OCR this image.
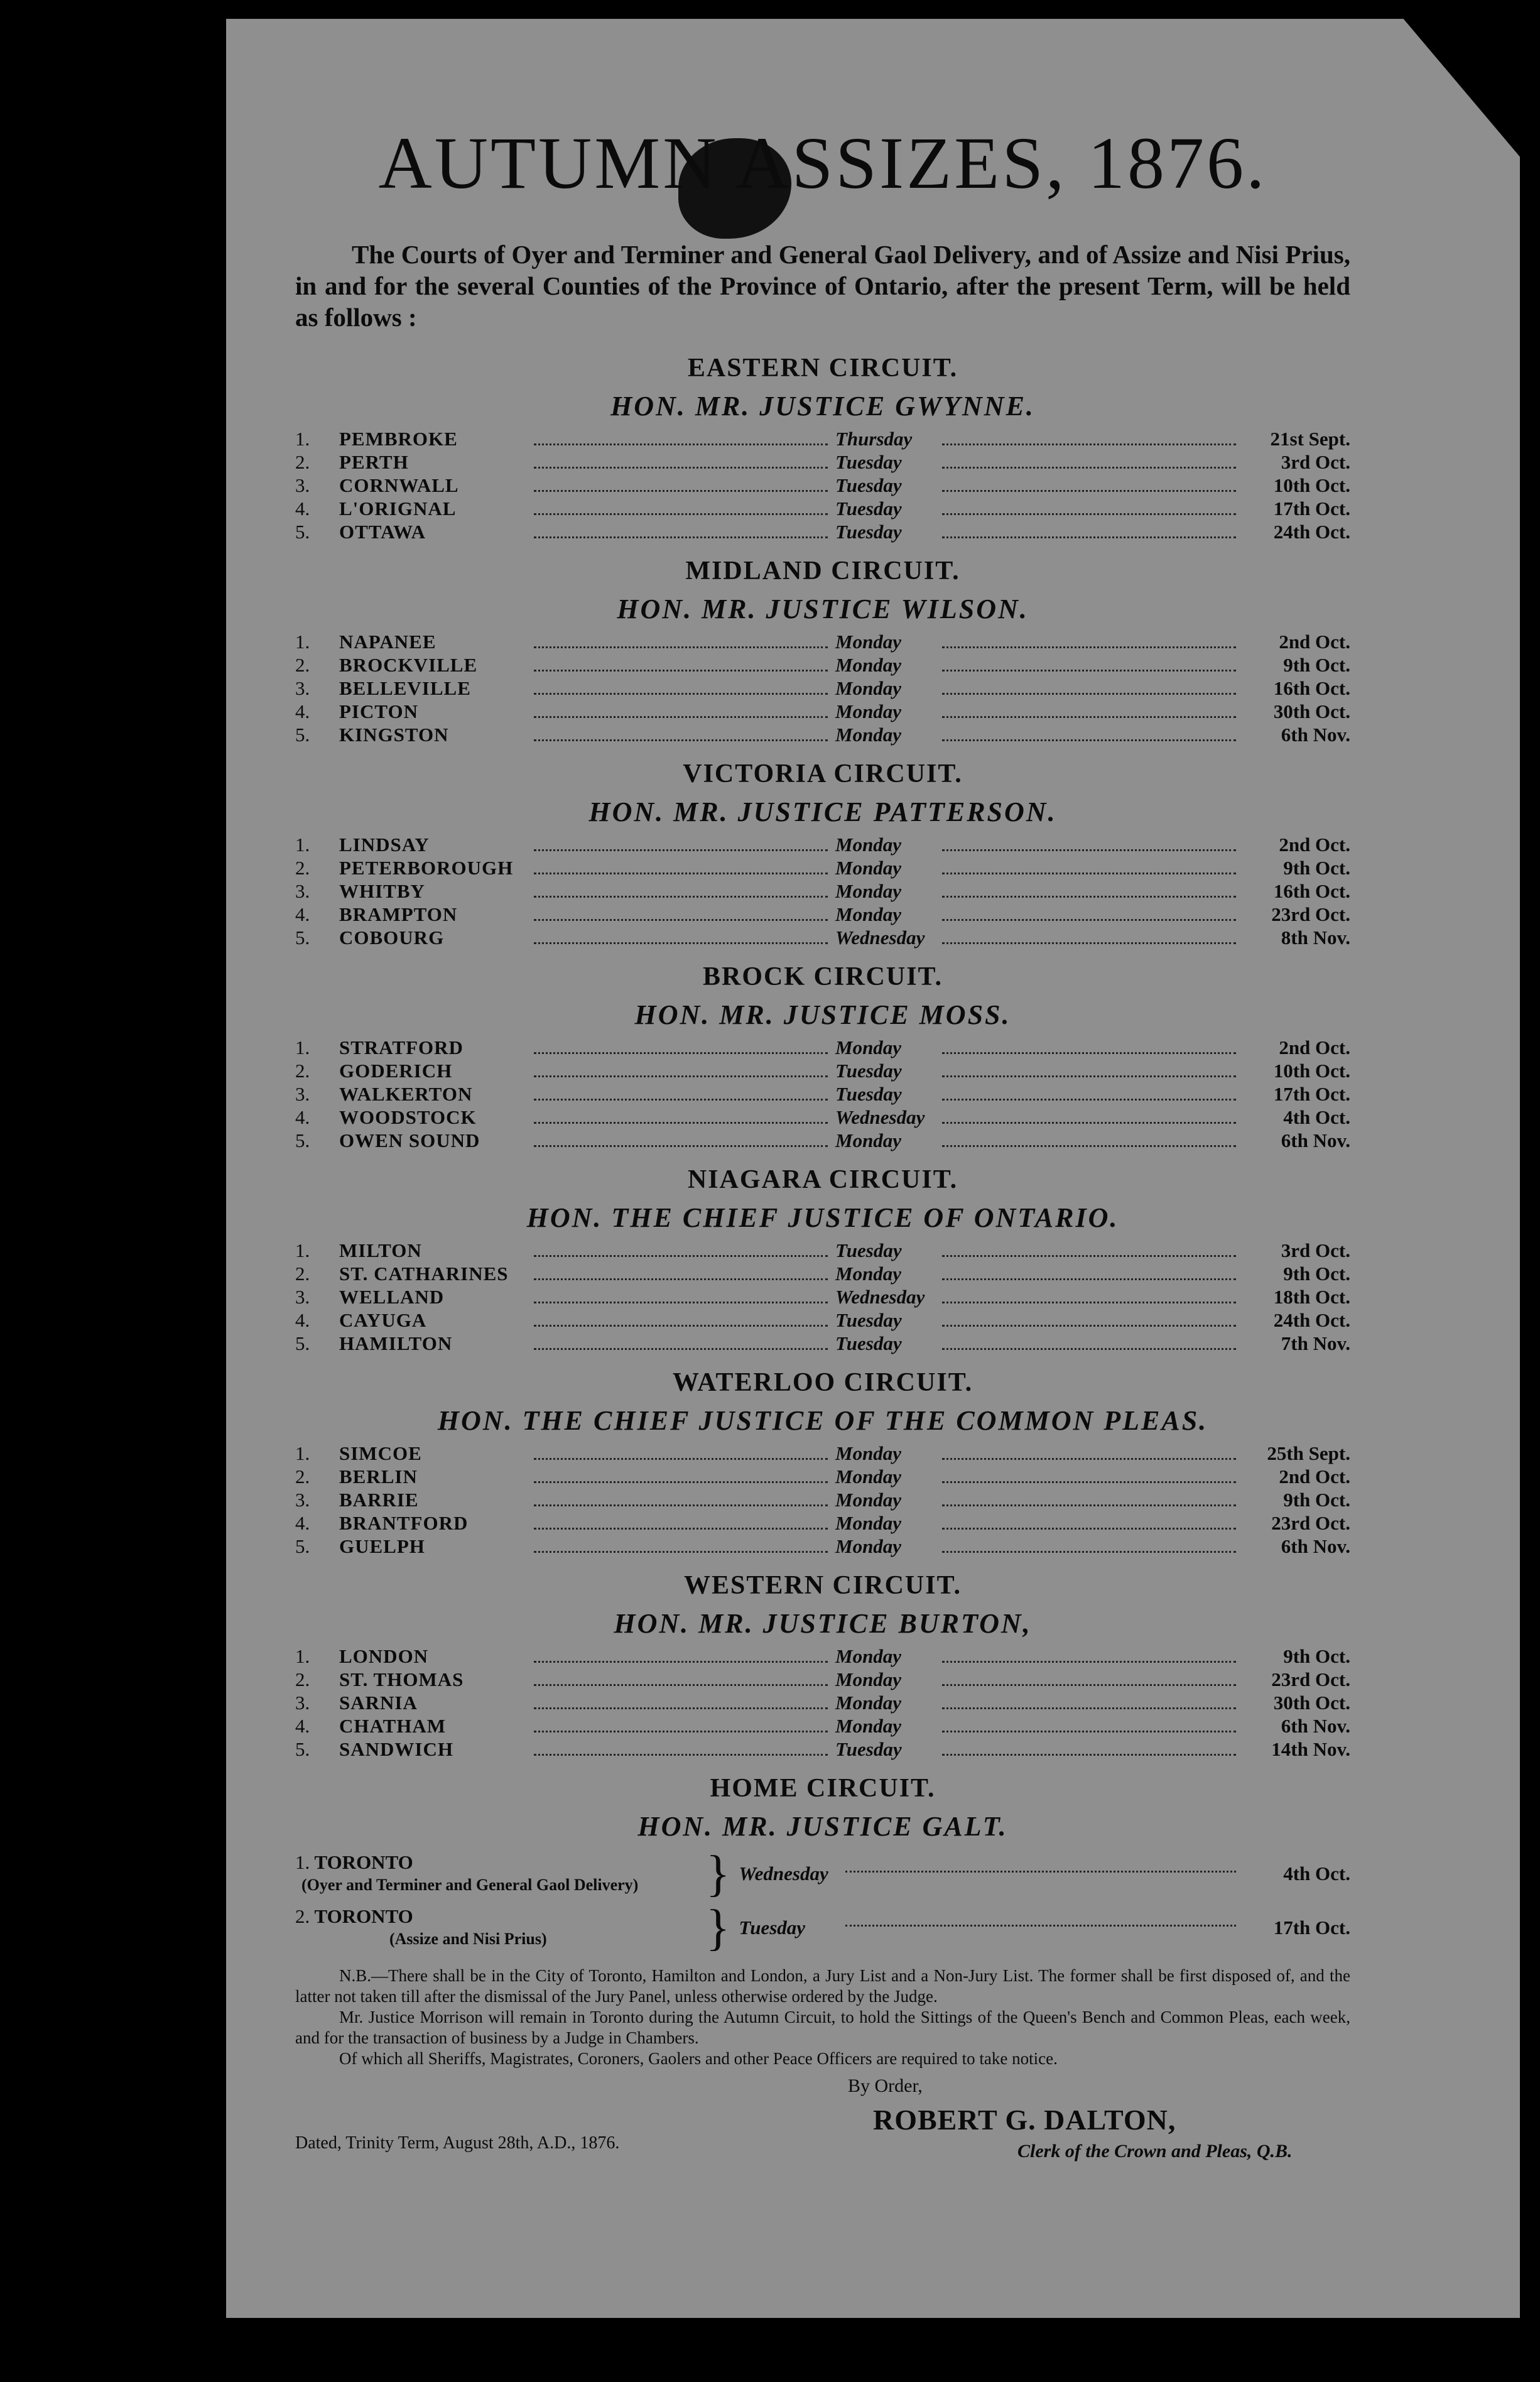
AUTUMN ASSIZES, 1876.

The Courts of Oyer and Terminer and General Gaol Delivery, and of Assize and Nisi Prius, in and for the several Counties of the Province of Ontario, after the present Term, will be held as follows :

EASTERN CIRCUIT.
HON. MR. JUSTICE GWYNNE.
1.	PEMBROKE	Thursday	21st Sept.
2.	PERTH	Tuesday	3rd Oct.
3.	CORNWALL	Tuesday	10th Oct.
4.	L'ORIGNAL	Tuesday	17th Oct.
5.	OTTAWA	Tuesday	24th Oct.
MIDLAND CIRCUIT.
HON. MR. JUSTICE WILSON.
1.	NAPANEE	Monday	2nd Oct.
2.	BROCKVILLE	Monday	9th Oct.
3.	BELLEVILLE	Monday	16th Oct.
4.	PICTON	Monday	30th Oct.
5.	KINGSTON	Monday	6th Nov.
VICTORIA CIRCUIT.
HON. MR. JUSTICE PATTERSON.
1.	LINDSAY	Monday	2nd Oct.
2.	PETERBOROUGH	Monday	9th Oct.
3.	WHITBY	Monday	16th Oct.
4.	BRAMPTON	Monday	23rd Oct.
5.	COBOURG	Wednesday	8th Nov.
BROCK CIRCUIT.
HON. MR. JUSTICE MOSS.
1.	STRATFORD	Monday	2nd Oct.
2.	GODERICH	Tuesday	10th Oct.
3.	WALKERTON	Tuesday	17th Oct.
4.	WOODSTOCK	Wednesday	4th Oct.
5.	OWEN SOUND	Monday	6th Nov.
NIAGARA CIRCUIT.
HON. THE CHIEF JUSTICE OF ONTARIO.
1.	MILTON	Tuesday	3rd Oct.
2.	ST. CATHARINES	Monday	9th Oct.
3.	WELLAND	Wednesday	18th Oct.
4.	CAYUGA	Tuesday	24th Oct.
5.	HAMILTON	Tuesday	7th Nov.
WATERLOO CIRCUIT.
HON. THE CHIEF JUSTICE OF THE COMMON PLEAS.
1.	SIMCOE	Monday	25th Sept.
2.	BERLIN	Monday	2nd Oct.
3.	BARRIE	Monday	9th Oct.
4.	BRANTFORD	Monday	23rd Oct.
5.	GUELPH	Monday	6th Nov.
WESTERN CIRCUIT.
HON. MR. JUSTICE BURTON,
1.	LONDON	Monday	9th Oct.
2.	ST. THOMAS	Monday	23rd Oct.
3.	SARNIA	Monday	30th Oct.
4.	CHATHAM	Monday	6th Nov.
5.	SANDWICH	Tuesday	14th Nov.
HOME CIRCUIT.
HON. MR. JUSTICE GALT.
1. TORONTO
(Oyer and Terminer and General Gaol Delivery)	} Wednesday	4th Oct.
2. TORONTO
(Assize and Nisi Prius)	} Tuesday	17th Oct.

N.B.—There shall be in the City of Toronto, Hamilton and London, a Jury List and a Non-Jury List. The former shall be first disposed of, and the latter not taken till after the dismissal of the Jury Panel, unless otherwise ordered by the Judge.

Mr. Justice Morrison will remain in Toronto during the Autumn Circuit, to hold the Sittings of the Queen's Bench and Common Pleas, each week, and for the transaction of business by a Judge in Chambers.

Of which all Sheriffs, Magistrates, Coroners, Gaolers and other Peace Officers are required to take notice.

By Order,
ROBERT G. DALTON,
Clerk of the Crown and Pleas, Q.B.
Dated, Trinity Term, August 28th, A.D., 1876.
